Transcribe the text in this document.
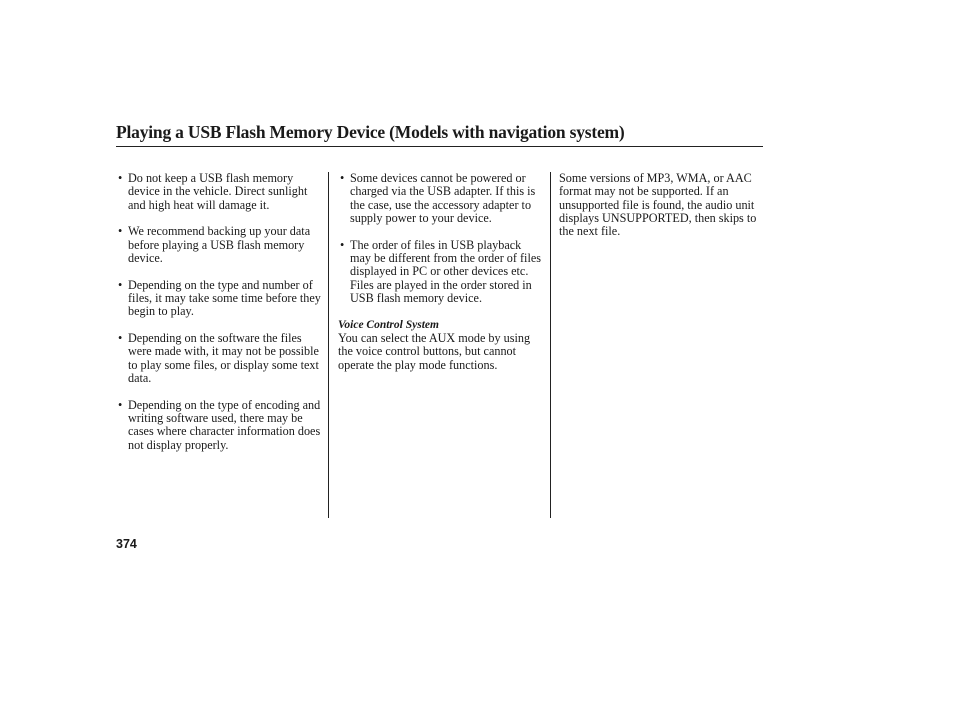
Playing a USB Flash Memory Device (Models with navigation system)
• Do not keep a USB flash memory device in the vehicle. Direct sunlight and high heat will damage it.
• We recommend backing up your data before playing a USB flash memory device.
• Depending on the type and number of files, it may take some time before they begin to play.
• Depending on the software the files were made with, it may not be possible to play some files, or display some text data.
• Depending on the type of encoding and writing software used, there may be cases where character information does not display properly.
• Some devices cannot be powered or charged via the USB adapter. If this is the case, use the accessory adapter to supply power to your device.
• The order of files in USB playback may be different from the order of files displayed in PC or other devices etc. Files are played in the order stored in USB flash memory device.
Voice Control System

You can select the AUX mode by using the voice control buttons, but cannot operate the play mode functions.

Some versions of MP3, WMA, or AAC format may not be supported. If an unsupported file is found, the audio unit displays UNSUPPORTED, then skips to the next file.

374
